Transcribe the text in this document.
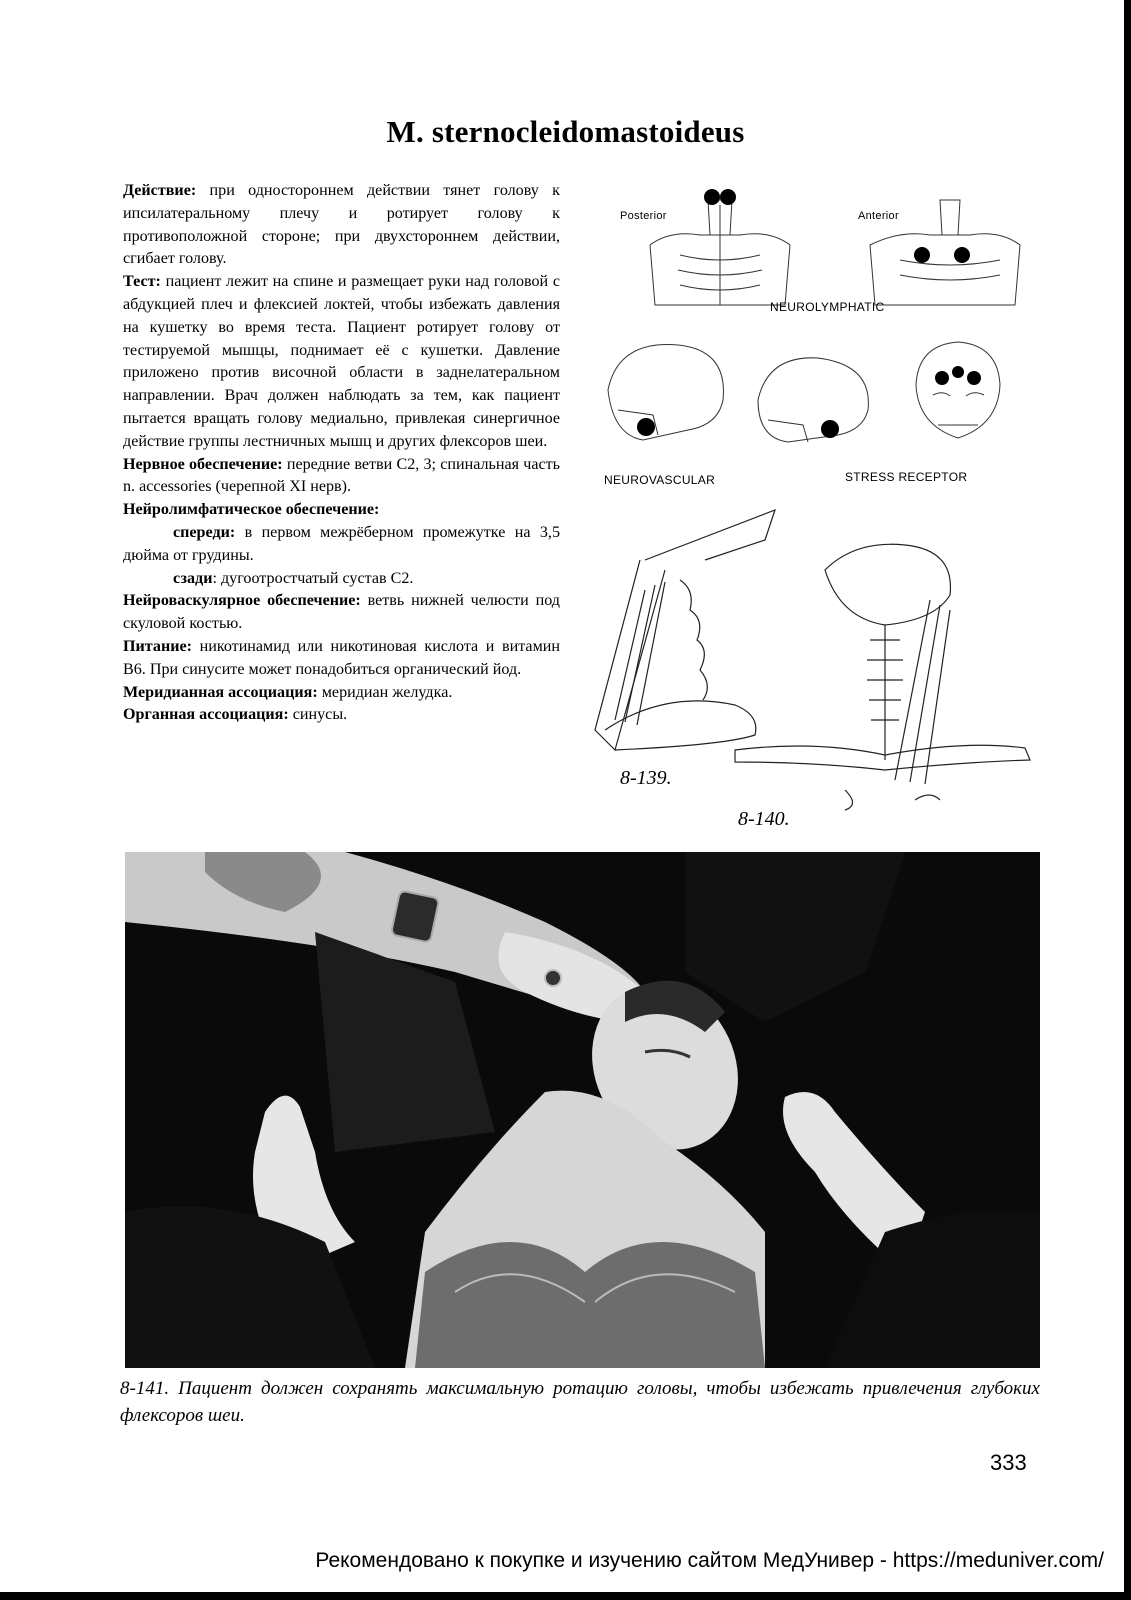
M. sternocleidomastoideus

Действие: при одностороннем действии тянет голову к ипсилатеральному плечу и ротирует голову к противоположной стороне; при двухстороннем действии, сгибает голову.

Тест: пациент лежит на спине и размещает руки над головой с абдукцией плеч и флексией локтей, чтобы избежать давления на кушетку во время теста. Пациент ротирует голову от тестируемой мышцы, поднимает её с кушетки. Давление приложено против височной области в заднелатеральном направлении. Врач должен наблюдать за тем, как пациент пытается вращать голову медиально, привлекая синергичное действие группы лестничных мышц и других флексоров шеи.

Нервное обеспечение: передние ветви С2, 3; спинальная часть n. accessories (черепной XI нерв).

Нейролимфатическое обеспечение:

спереди: в первом межрёберном промежутке на 3,5 дюйма от грудины.

сзади: дугоотростчатый сустав С2.

Нейроваскулярное обеспечение: ветвь нижней челюсти под скуловой костью.

Питание: никотинамид или никотиновая кислота и витамин B6. При синусите может понадобиться органический йод.

Меридианная ассоциация: меридиан желудка.

Органная ассоциация: синусы.

Posterior	Anterior
NEUROLYMPHATIC
NEUROVASCULAR	STRESS RECEPTOR
8-139.
8-140.
8-141. Пациент должен сохранять максимальную ротацию головы, чтобы избежать привлечения глубоких флексоров шеи.
333
Рекомендовано к покупке и изучению сайтом МедУнивер - https://meduniver.com/
